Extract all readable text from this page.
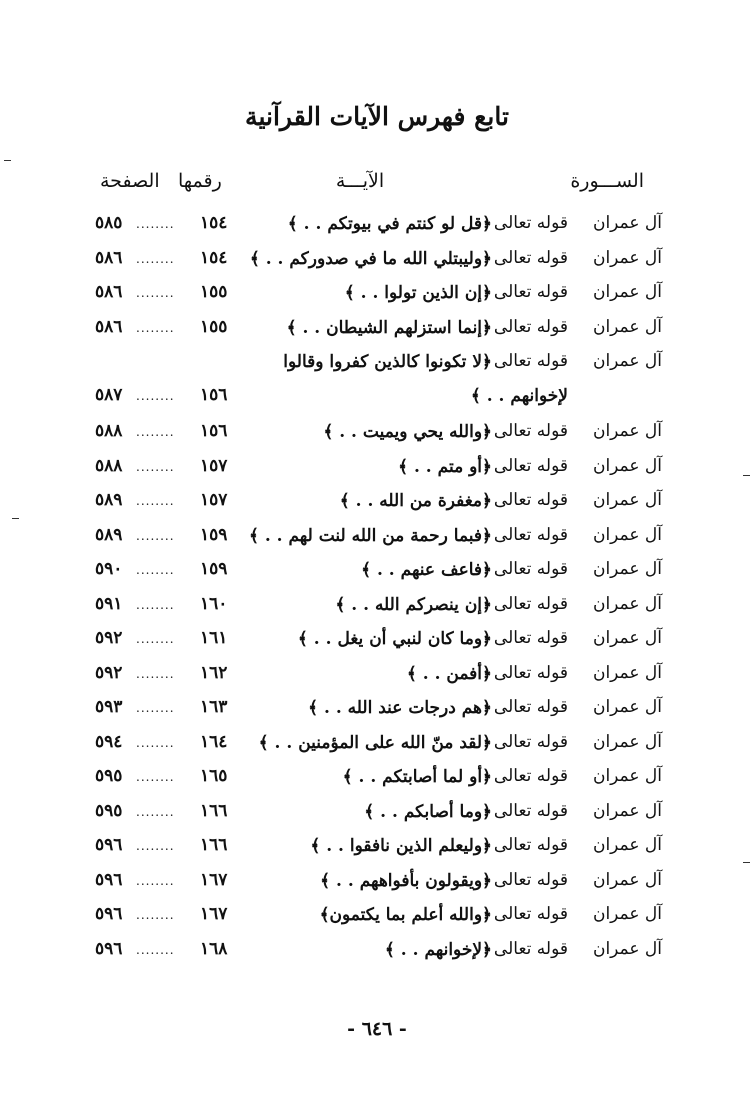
تابع فهرس الآيات القرآنية
الســـورة
الآيـــة
رقمها
الصفحة
آل عمران
قوله تعالى :
﴿قل لو كنتم في بيوتكم . . ﴾
١٥٤
........
٥٨٥
آل عمران
قوله تعالى :
﴿وليبتلي الله ما في صدوركم . . ﴾
١٥٤
........
٥٨٦
آل عمران
قوله تعالى :
﴿إن الذين تولوا . . ﴾
١٥٥
........
٥٨٦
آل عمران
قوله تعالى :
﴿إنما استزلهم الشيطان . . ﴾
١٥٥
........
٥٨٦
آل عمران
قوله تعالى :
﴿لا تكونوا كالذين كفروا وقالوا
لإخوانهم . . ﴾
١٥٦
........
٥٨٧
آل عمران
قوله تعالى :
﴿والله يحي ويميت . . ﴾
١٥٦
........
٥٨٨
آل عمران
قوله تعالى :
﴿أو متم . . ﴾
١٥٧
........
٥٨٨
آل عمران
قوله تعالى :
﴿مغفرة من الله . . ﴾
١٥٧
........
٥٨٩
آل عمران
قوله تعالى :
﴿فبما رحمة من الله لنت لهم . . ﴾
١٥٩
........
٥٨٩
آل عمران
قوله تعالى :
﴿فاعف عنهم . . ﴾
١٥٩
........
٥٩٠
آل عمران
قوله تعالى :
﴿إن ينصركم الله . . ﴾
١٦٠
........
٥٩١
آل عمران
قوله تعالى :
﴿وما كان لنبي أن يغل . . ﴾
١٦١
........
٥٩٢
آل عمران
قوله تعالى :
﴿أفمن . . ﴾
١٦٢
........
٥٩٢
آل عمران
قوله تعالى :
﴿هم درجات عند الله . . ﴾
١٦٣
........
٥٩٣
آل عمران
قوله تعالى :
﴿لقد منّ الله على المؤمنين . . ﴾
١٦٤
........
٥٩٤
آل عمران
قوله تعالى :
﴿أو لما أصابتكم . . ﴾
١٦٥
........
٥٩٥
آل عمران
قوله تعالى :
﴿وما أصابكم . . ﴾
١٦٦
........
٥٩٥
آل عمران
قوله تعالى :
﴿وليعلم الذين نافقوا . . ﴾
١٦٦
........
٥٩٦
آل عمران
قوله تعالى :
﴿ويقولون بأفواههم . . ﴾
١٦٧
........
٥٩٦
آل عمران
قوله تعالى :
﴿والله أعلم بما يكتمون﴾
١٦٧
........
٥٩٦
آل عمران
قوله تعالى :
﴿لإخوانهم . . ﴾
١٦٨
........
٥٩٦
- ٦٤٦ -
